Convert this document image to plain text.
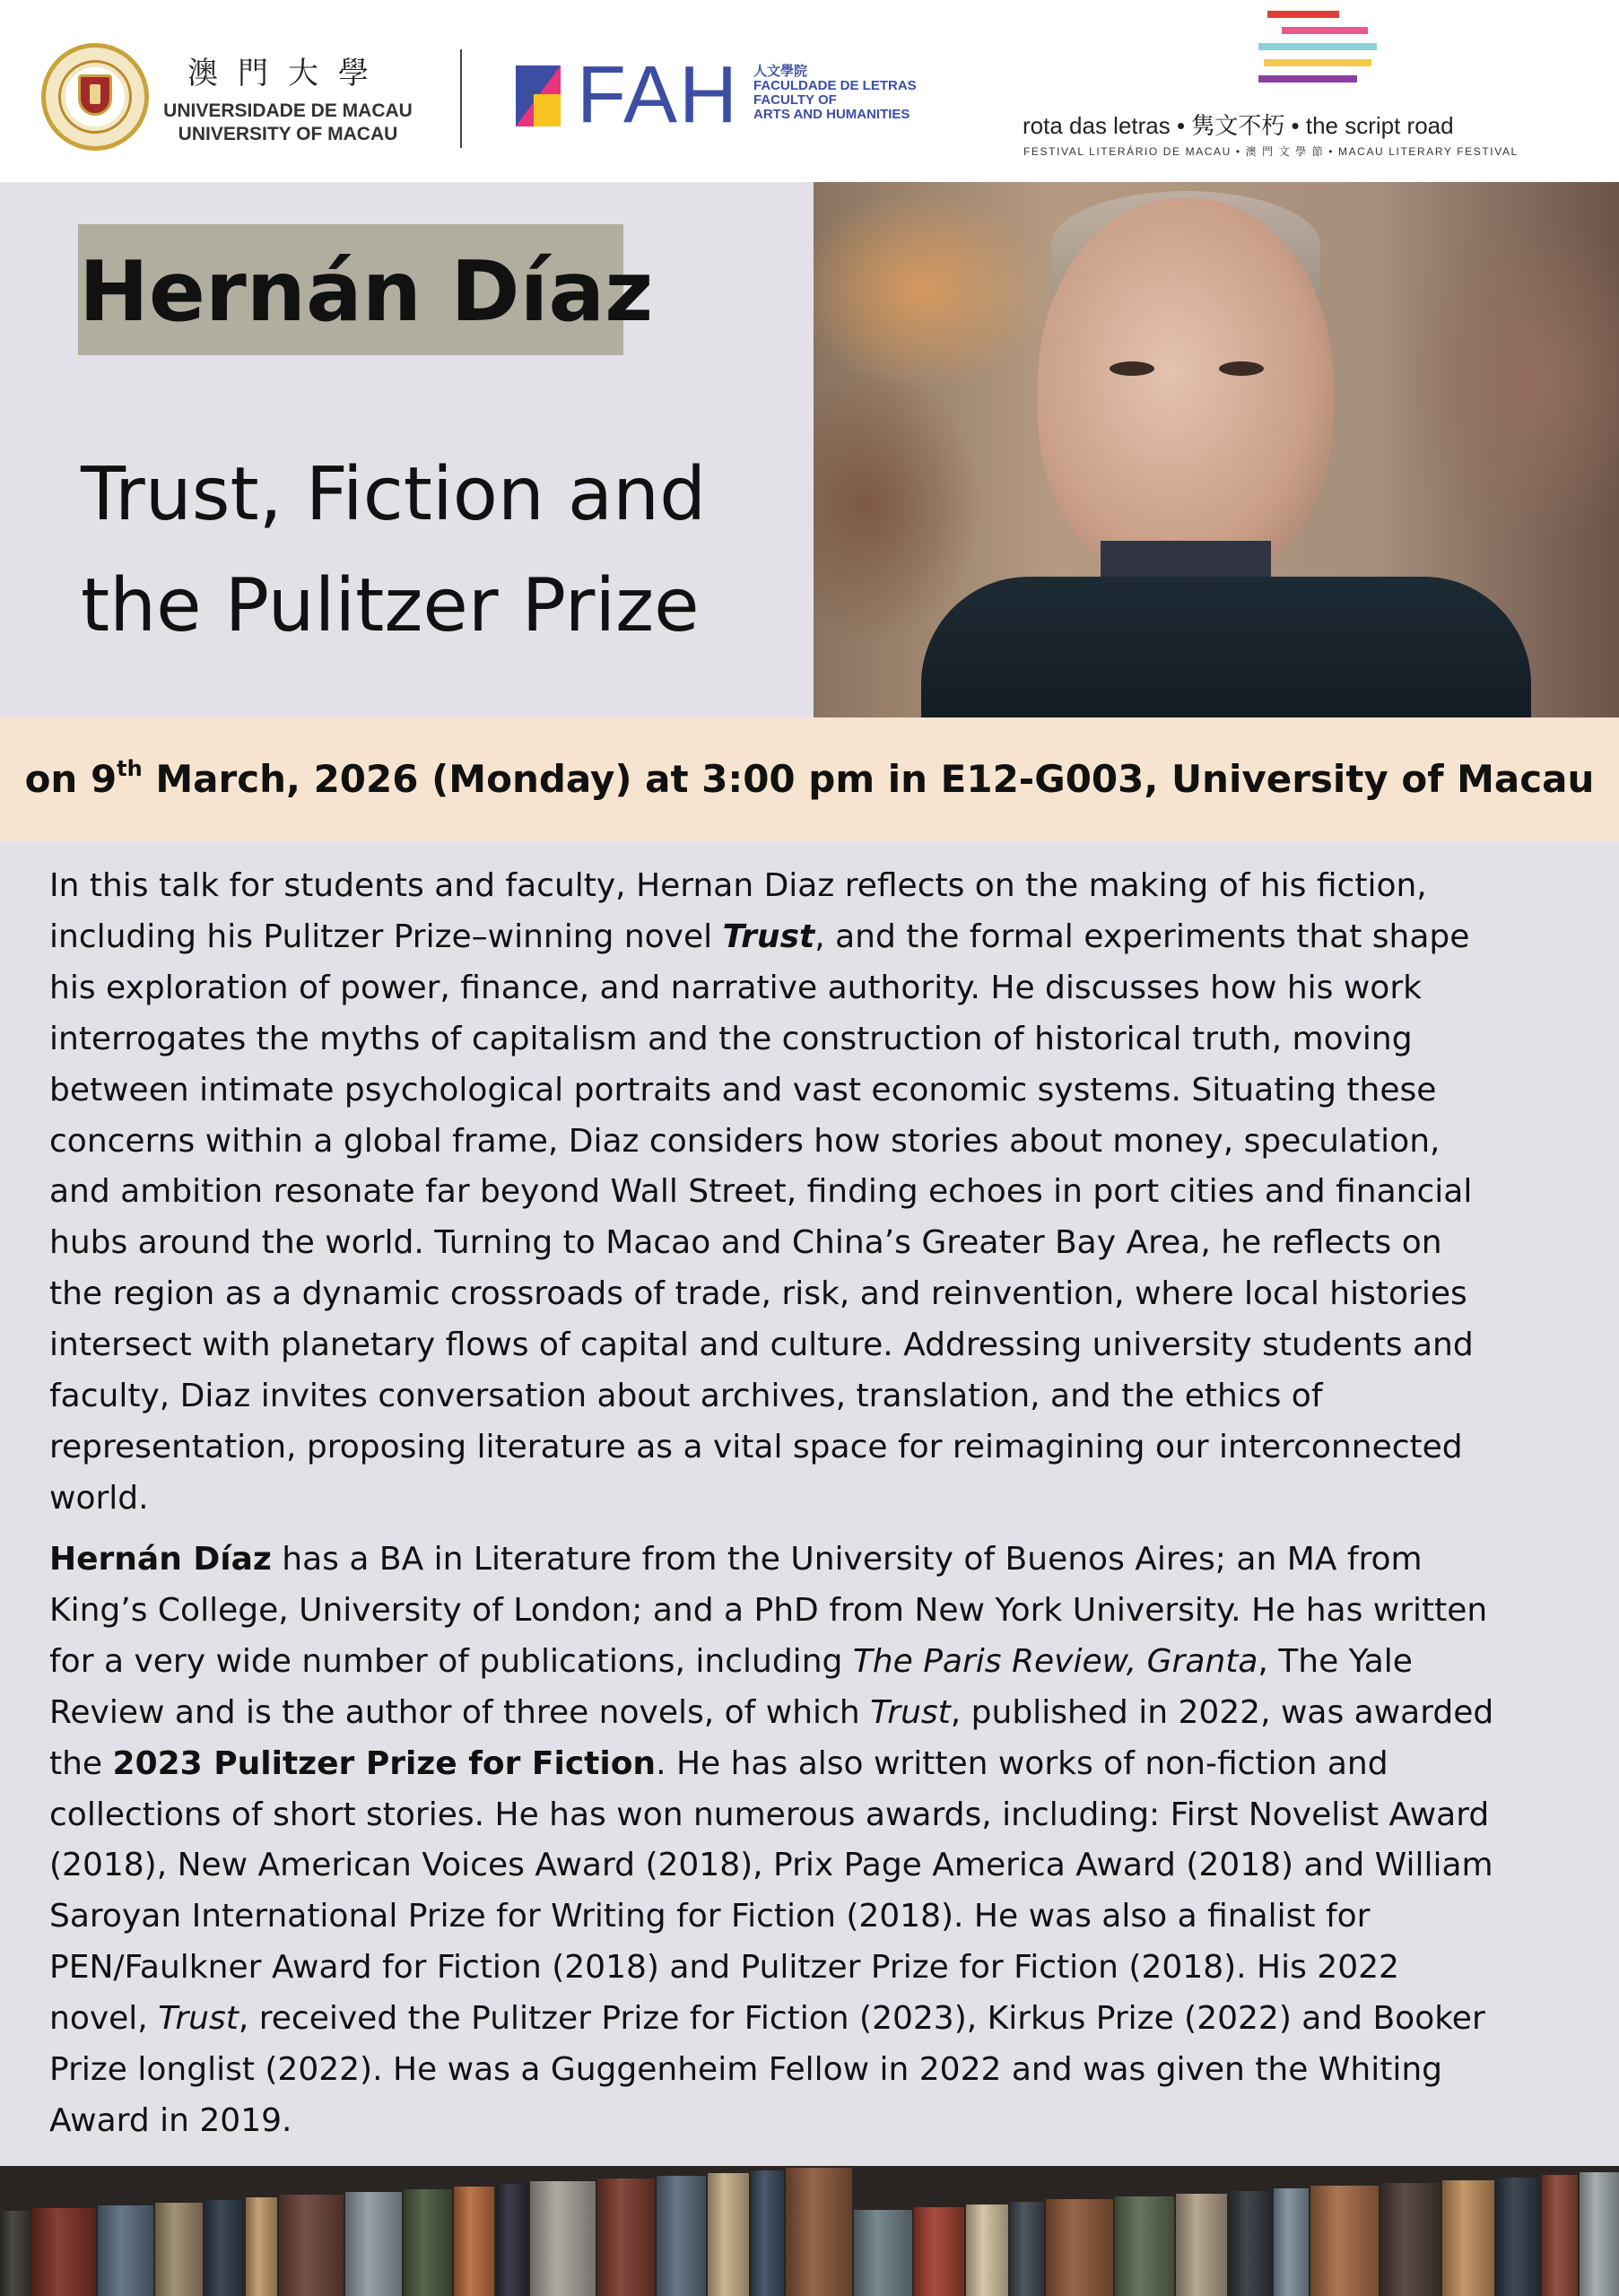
澳門大學
UNIVERSIDADE DE MACAU
UNIVERSITY OF MACAU FAH 人文學院
FACULDADE DE LETRAS
FACULTY OF
ARTS AND HUMANITIES	rota das letras • 隽文不朽 • the script road
FESTIVAL LITERÁRIO DE MACAU • 澳 門 文 學 節 • MACAU LITERARY FESTIVAL
Hernán Díaz
Trust, Fiction and
the Pulitzer Prize
on 9th March, 2026 (Monday) at 3:00 pm in E12-G003, University of Macau

In this talk for students and faculty, Hernan Diaz reflects on the making of his fiction,
including his Pulitzer Prize–winning novel Trust, and the formal experiments that shape
his exploration of power, finance, and narrative authority. He discusses how his work
interrogates the myths of capitalism and the construction of historical truth, moving
between intimate psychological portraits and vast economic systems. Situating these
concerns within a global frame, Diaz considers how stories about money, speculation,
and ambition resonate far beyond Wall Street, finding echoes in port cities and financial
hubs around the world. Turning to Macao and China’s Greater Bay Area, he reflects on
the region as a dynamic crossroads of trade, risk, and reinvention, where local histories
intersect with planetary flows of capital and culture. Addressing university students and
faculty, Diaz invites conversation about archives, translation, and the ethics of
representation, proposing literature as a vital space for reimagining our interconnected
world.

Hernán Díaz has a BA in Literature from the University of Buenos Aires; an MA from
King’s College, University of London; and a PhD from New York University. He has written
for a very wide number of publications, including The Paris Review, Granta, The Yale
Review and is the author of three novels, of which Trust, published in 2022, was awarded
the 2023 Pulitzer Prize for Fiction. He has also written works of non-fiction and
collections of short stories. He has won numerous awards, including: First Novelist Award
(2018), New American Voices Award (2018), Prix Page America Award (2018) and William
Saroyan International Prize for Writing for Fiction (2018). He was also a finalist for
PEN/Faulkner Award for Fiction (2018) and Pulitzer Prize for Fiction (2018). His 2022
novel, Trust, received the Pulitzer Prize for Fiction (2023), Kirkus Prize (2022) and Booker
Prize longlist (2022). He was a Guggenheim Fellow in 2022 and was given the Whiting
Award in 2019.
